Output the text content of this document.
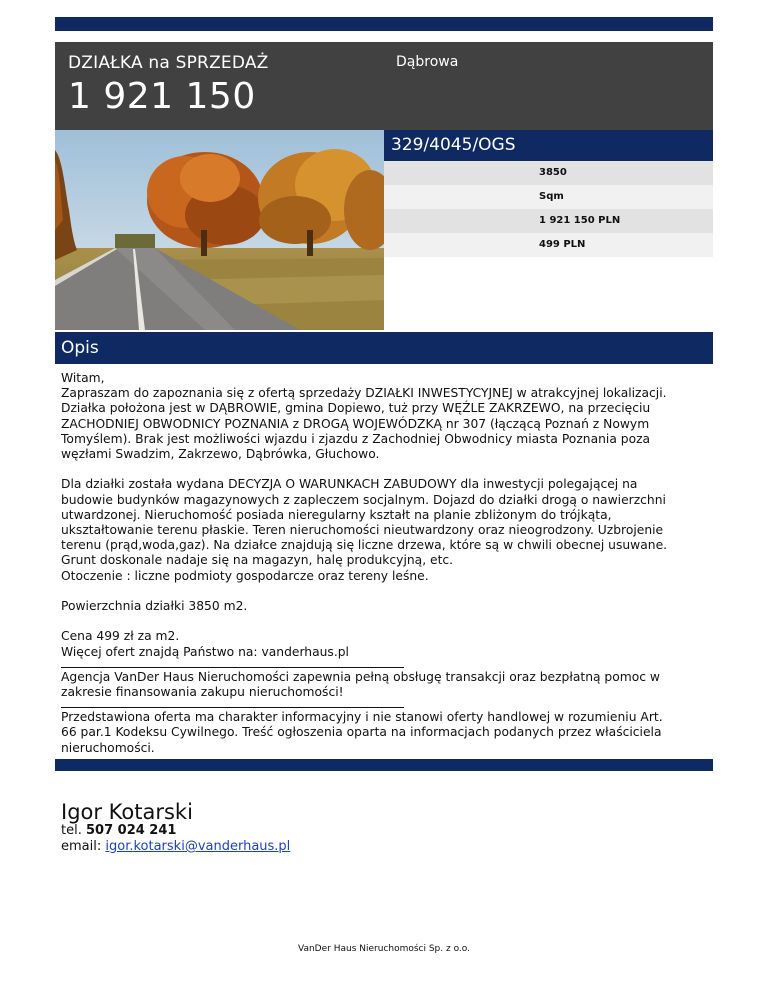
DZIAŁKA na SPRZEDAŻ
1 921 150
Dąbrowa
329/4045/OGS
3850
Sqm
1 921 150 PLN
499 PLN
Opis
Witam,
Zapraszam do zapoznania się z ofertą sprzedaży DZIAŁKI INWESTYCYJNEJ w atrakcyjnej lokalizacji.
Działka położona jest w DĄBROWIE, gmina Dopiewo, tuż przy WĘŹLE ZAKRZEWO, na przecięciu
ZACHODNIEJ OBWODNICY POZNANIA z DROGĄ WOJEWÓDZKĄ nr 307 (łączącą Poznań z Nowym
Tomyślem). Brak jest możliwości wjazdu i zjazdu z Zachodniej Obwodnicy miasta Poznania poza
węzłami Swadzim, Zakrzewo, Dąbrówka, Głuchowo.

Dla działki została wydana DECYZJA O WARUNKACH ZABUDOWY dla inwestycji polegającej na
budowie budynków magazynowych z zapleczem socjalnym. Dojazd do działki drogą o nawierzchni
utwardzonej. Nieruchomość posiada nieregularny kształt na planie zbliżonym do trójkąta,
ukształtowanie terenu płaskie. Teren nieruchomości nieutwardzony oraz nieogrodzony. Uzbrojenie
terenu (prąd,woda,gaz). Na działce znajdują się liczne drzewa, które są w chwili obecnej usuwane.
Grunt doskonale nadaje się na magazyn, halę produkcyjną, etc.
Otoczenie : liczne podmioty gospodarcze oraz tereny leśne.

Powierzchnia działki 3850 m2.

Cena 499 zł za m2.
Więcej ofert znajdą Państwo na: vanderhaus.pl
Agencja VanDer Haus Nieruchomości zapewnia pełną obsługę transakcji oraz bezpłatną pomoc w
zakresie finansowania zakupu nieruchomości!
Przedstawiona oferta ma charakter informacyjny i nie stanowi oferty handlowej w rozumieniu Art.
66 par.1 Kodeksu Cywilnego. Treść ogłoszenia oparta na informacjach podanych przez właściciela
nieruchomości.
Igor Kotarski
tel. 507 024 241
email: igor.kotarski@vanderhaus.pl
VanDer Haus Nieruchomości Sp. z o.o.
